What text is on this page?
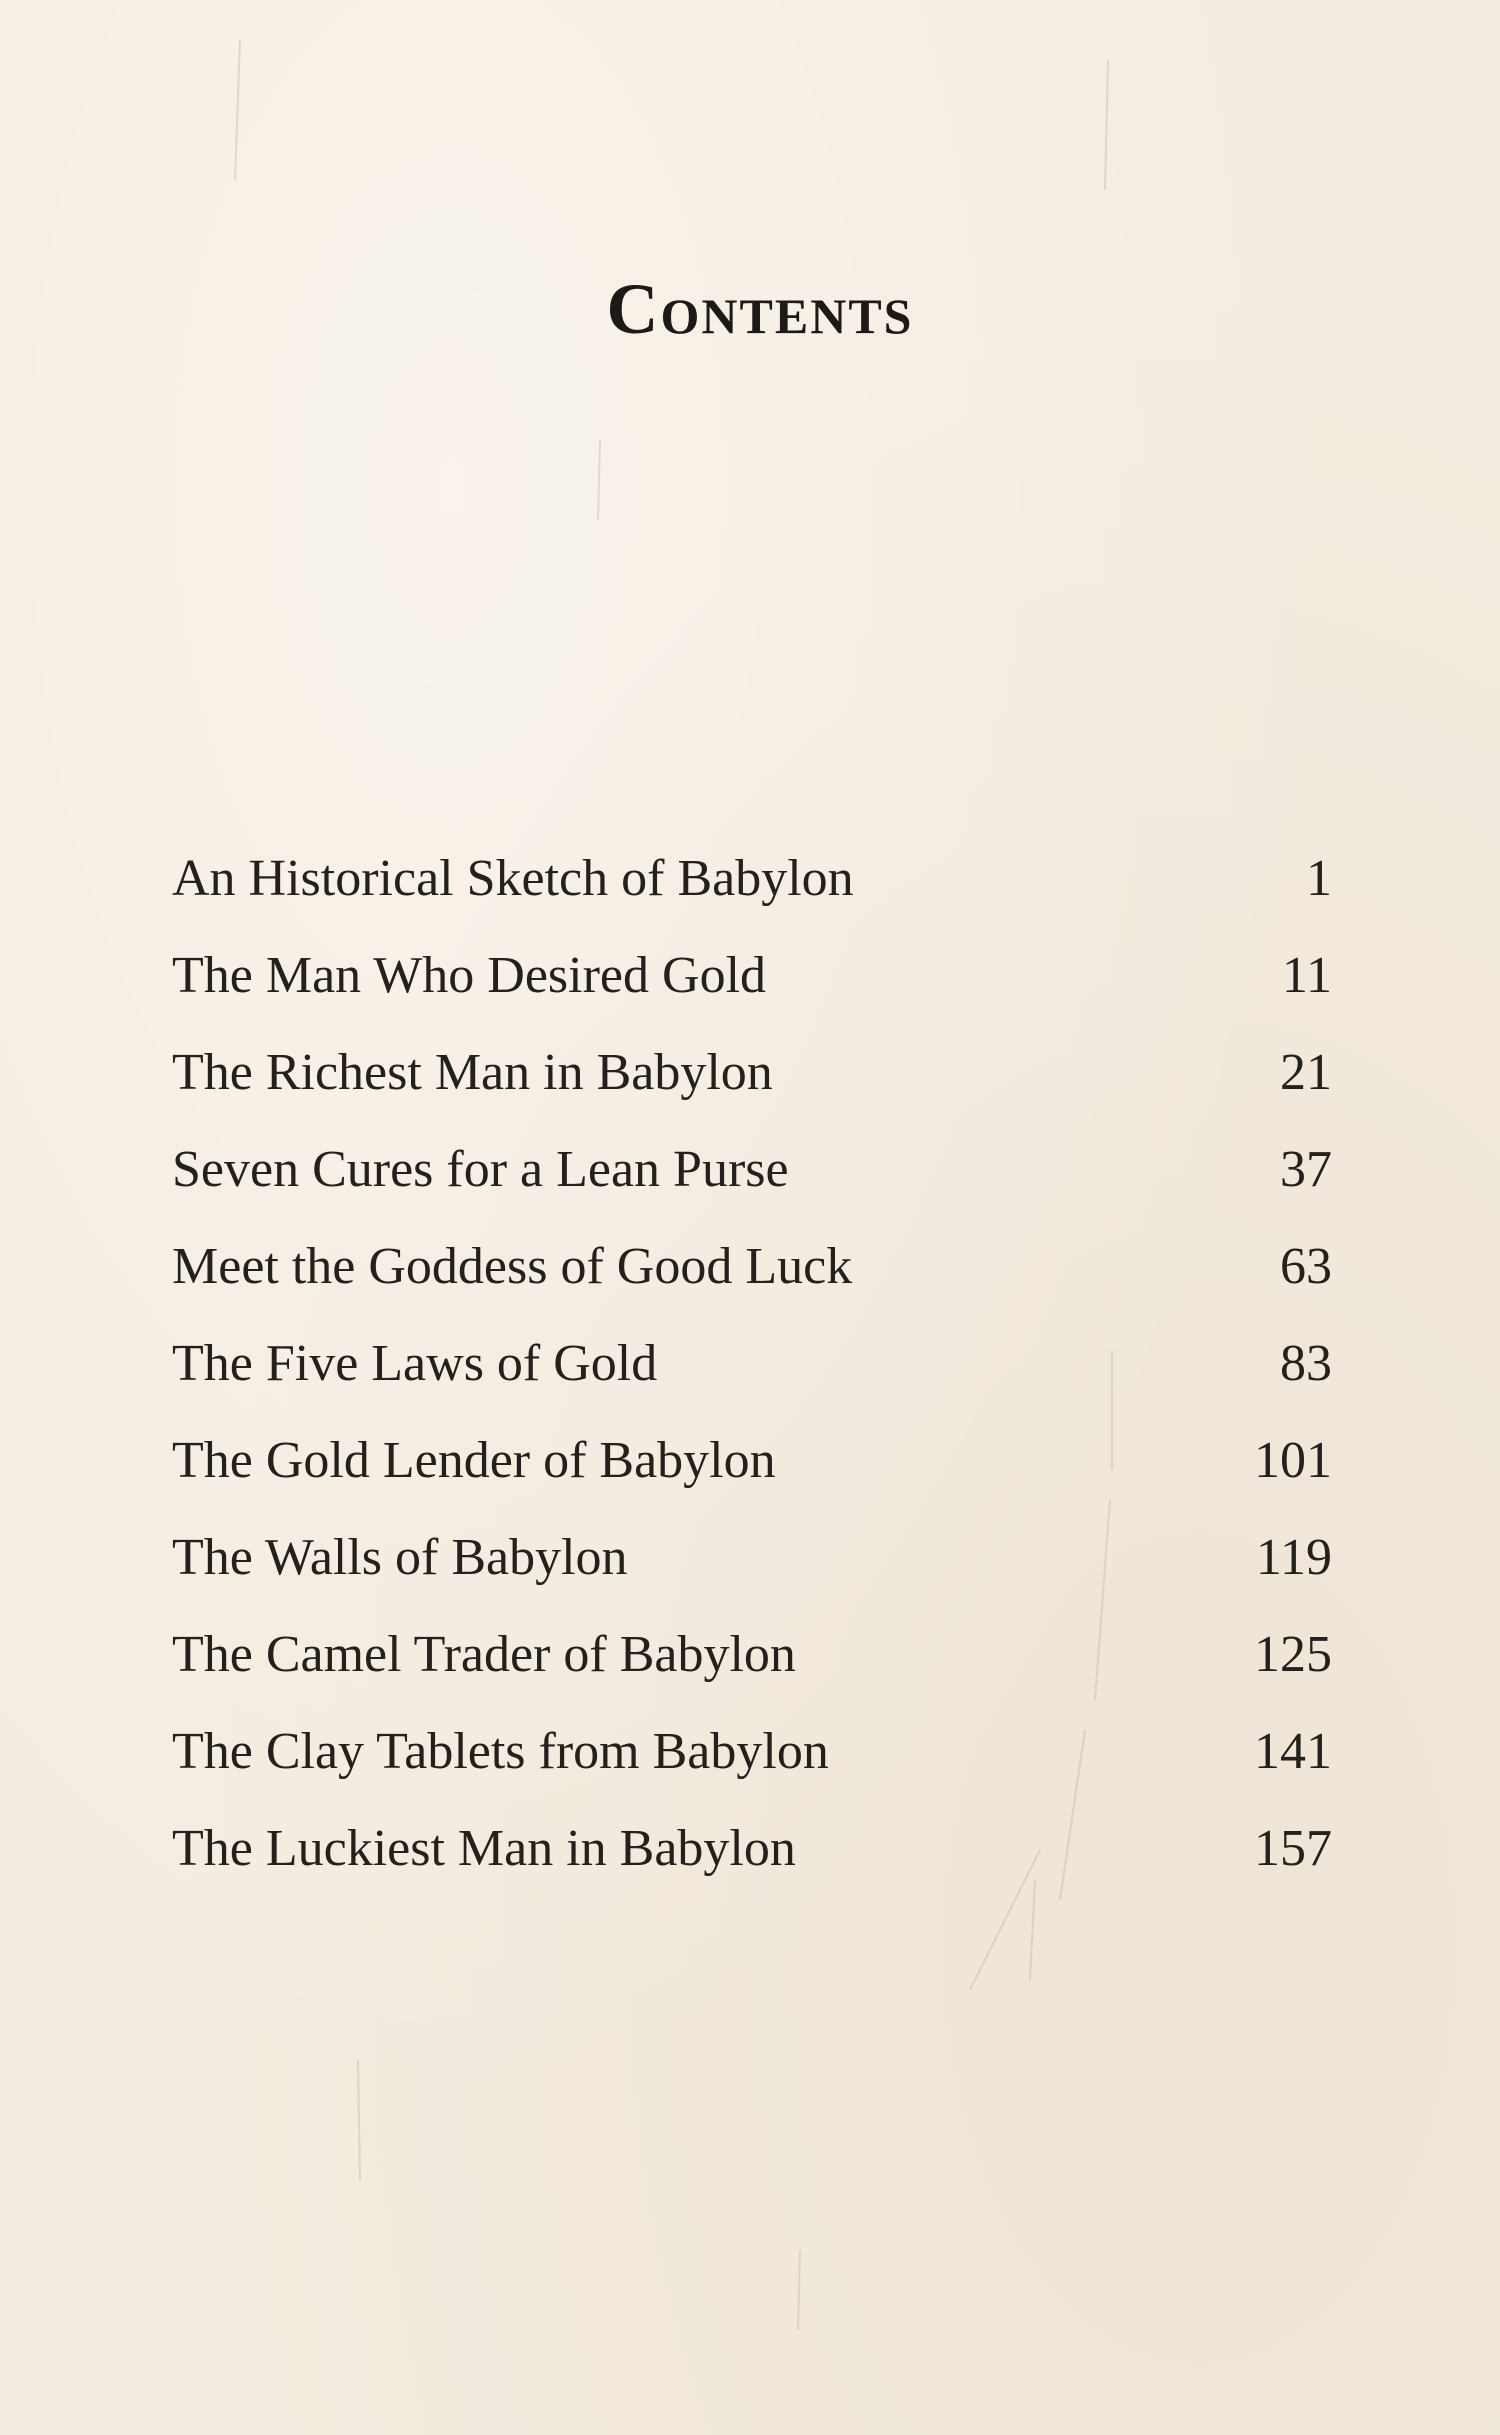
Contents
An Historical Sketch of Babylon	1
The Man Who Desired Gold	11
The Richest Man in Babylon	21
Seven Cures for a Lean Purse	37
Meet the Goddess of Good Luck	63
The Five Laws of Gold	83
The Gold Lender of Babylon	101
The Walls of Babylon	119
The Camel Trader of Babylon	125
The Clay Tablets from Babylon	141
The Luckiest Man in Babylon	157
